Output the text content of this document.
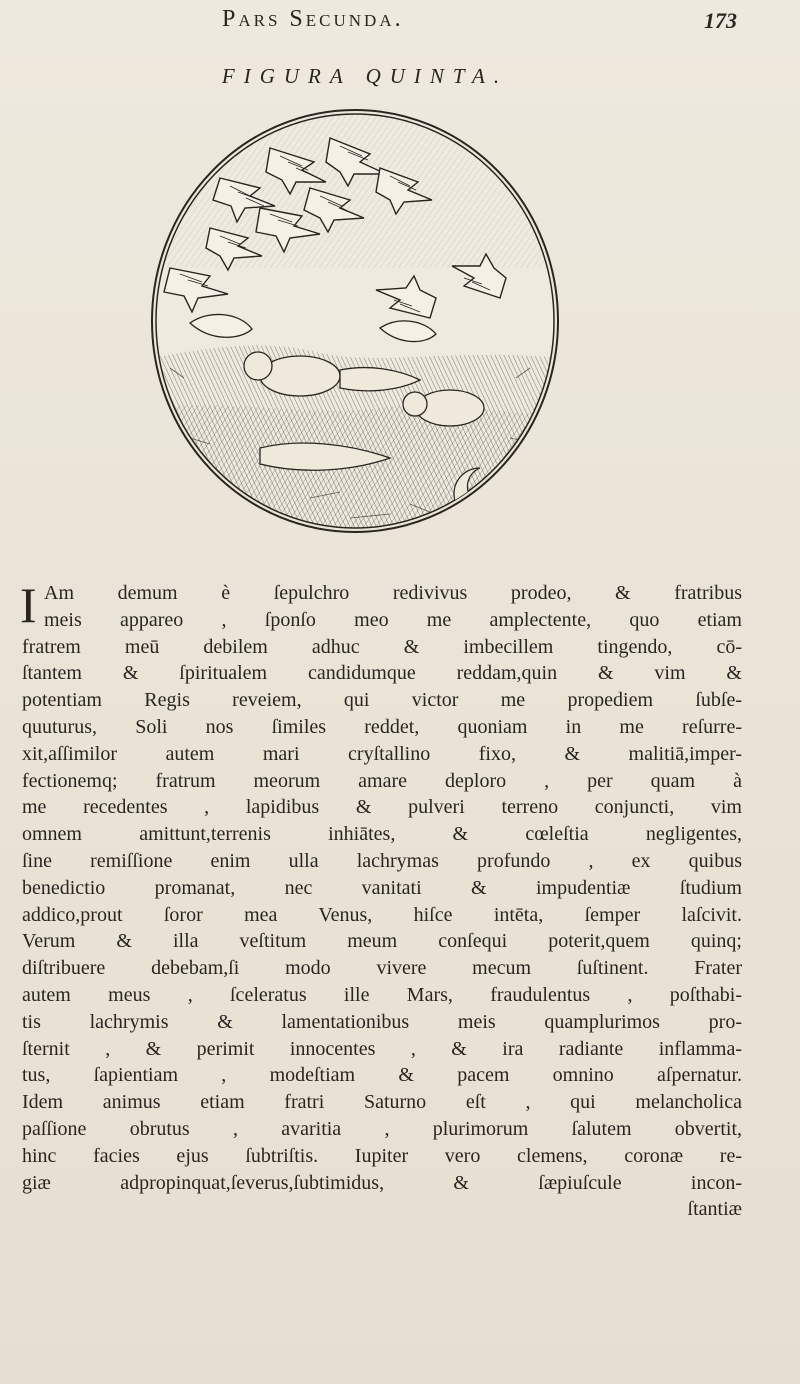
Pars Secunda.	173
FIGURA QUINTA.
I Am demum è ſepulchro redivivus prodeo, & fratribus
meis appareo , ſponſo meo me amplectente, quo etiam
fratrem meū debilem adhuc & imbecillem tingendo, cō-
ſtantem & ſpiritualem candidumque reddam,quin & vim &
potentiam Regis reveiem, qui victor me propediem ſubſe-
quuturus, Soli nos ſimiles reddet, quoniam in me reſurre-
xit,aſſimilor autem mari cryſtallino fixo, & malitiā,imper-
fectionemq; fratrum meorum amare deploro , per quam à
me recedentes , lapidibus & pulveri terreno conjuncti, vim
omnem amittunt,terrenis inhiātes, & cœleſtia negligentes,
ſine remiſſione enim ulla lachrymas profundo , ex quibus
benedictio promanat, nec vanitati & impudentiæ ſtudium
addico,prout ſoror mea Venus, hiſce intēta, ſemper laſcivit.
Verum & illa veſtitum meum conſequi poterit,quem quinq;
diſtribuere debebam,ſi modo vivere mecum ſuſtinent. Frater
autem meus , ſceleratus ille Mars, fraudulentus , poſthabi-
tis lachrymis & lamentationibus meis quamplurimos pro-
ſternit , & perimit innocentes , & ira radiante inflamma-
tus, ſapientiam , modeſtiam & pacem omnino aſpernatur.
Idem animus etiam fratri Saturno eſt , qui melancholica
paſſione obrutus , avaritia , plurimorum ſalutem obvertit,
hinc facies ejus ſubtriſtis. Iupiter vero clemens, coronæ re-
giæ adpropinquat,ſeverus,ſubtimidus, & ſæpiuſcule incon-
ſtantiæ
